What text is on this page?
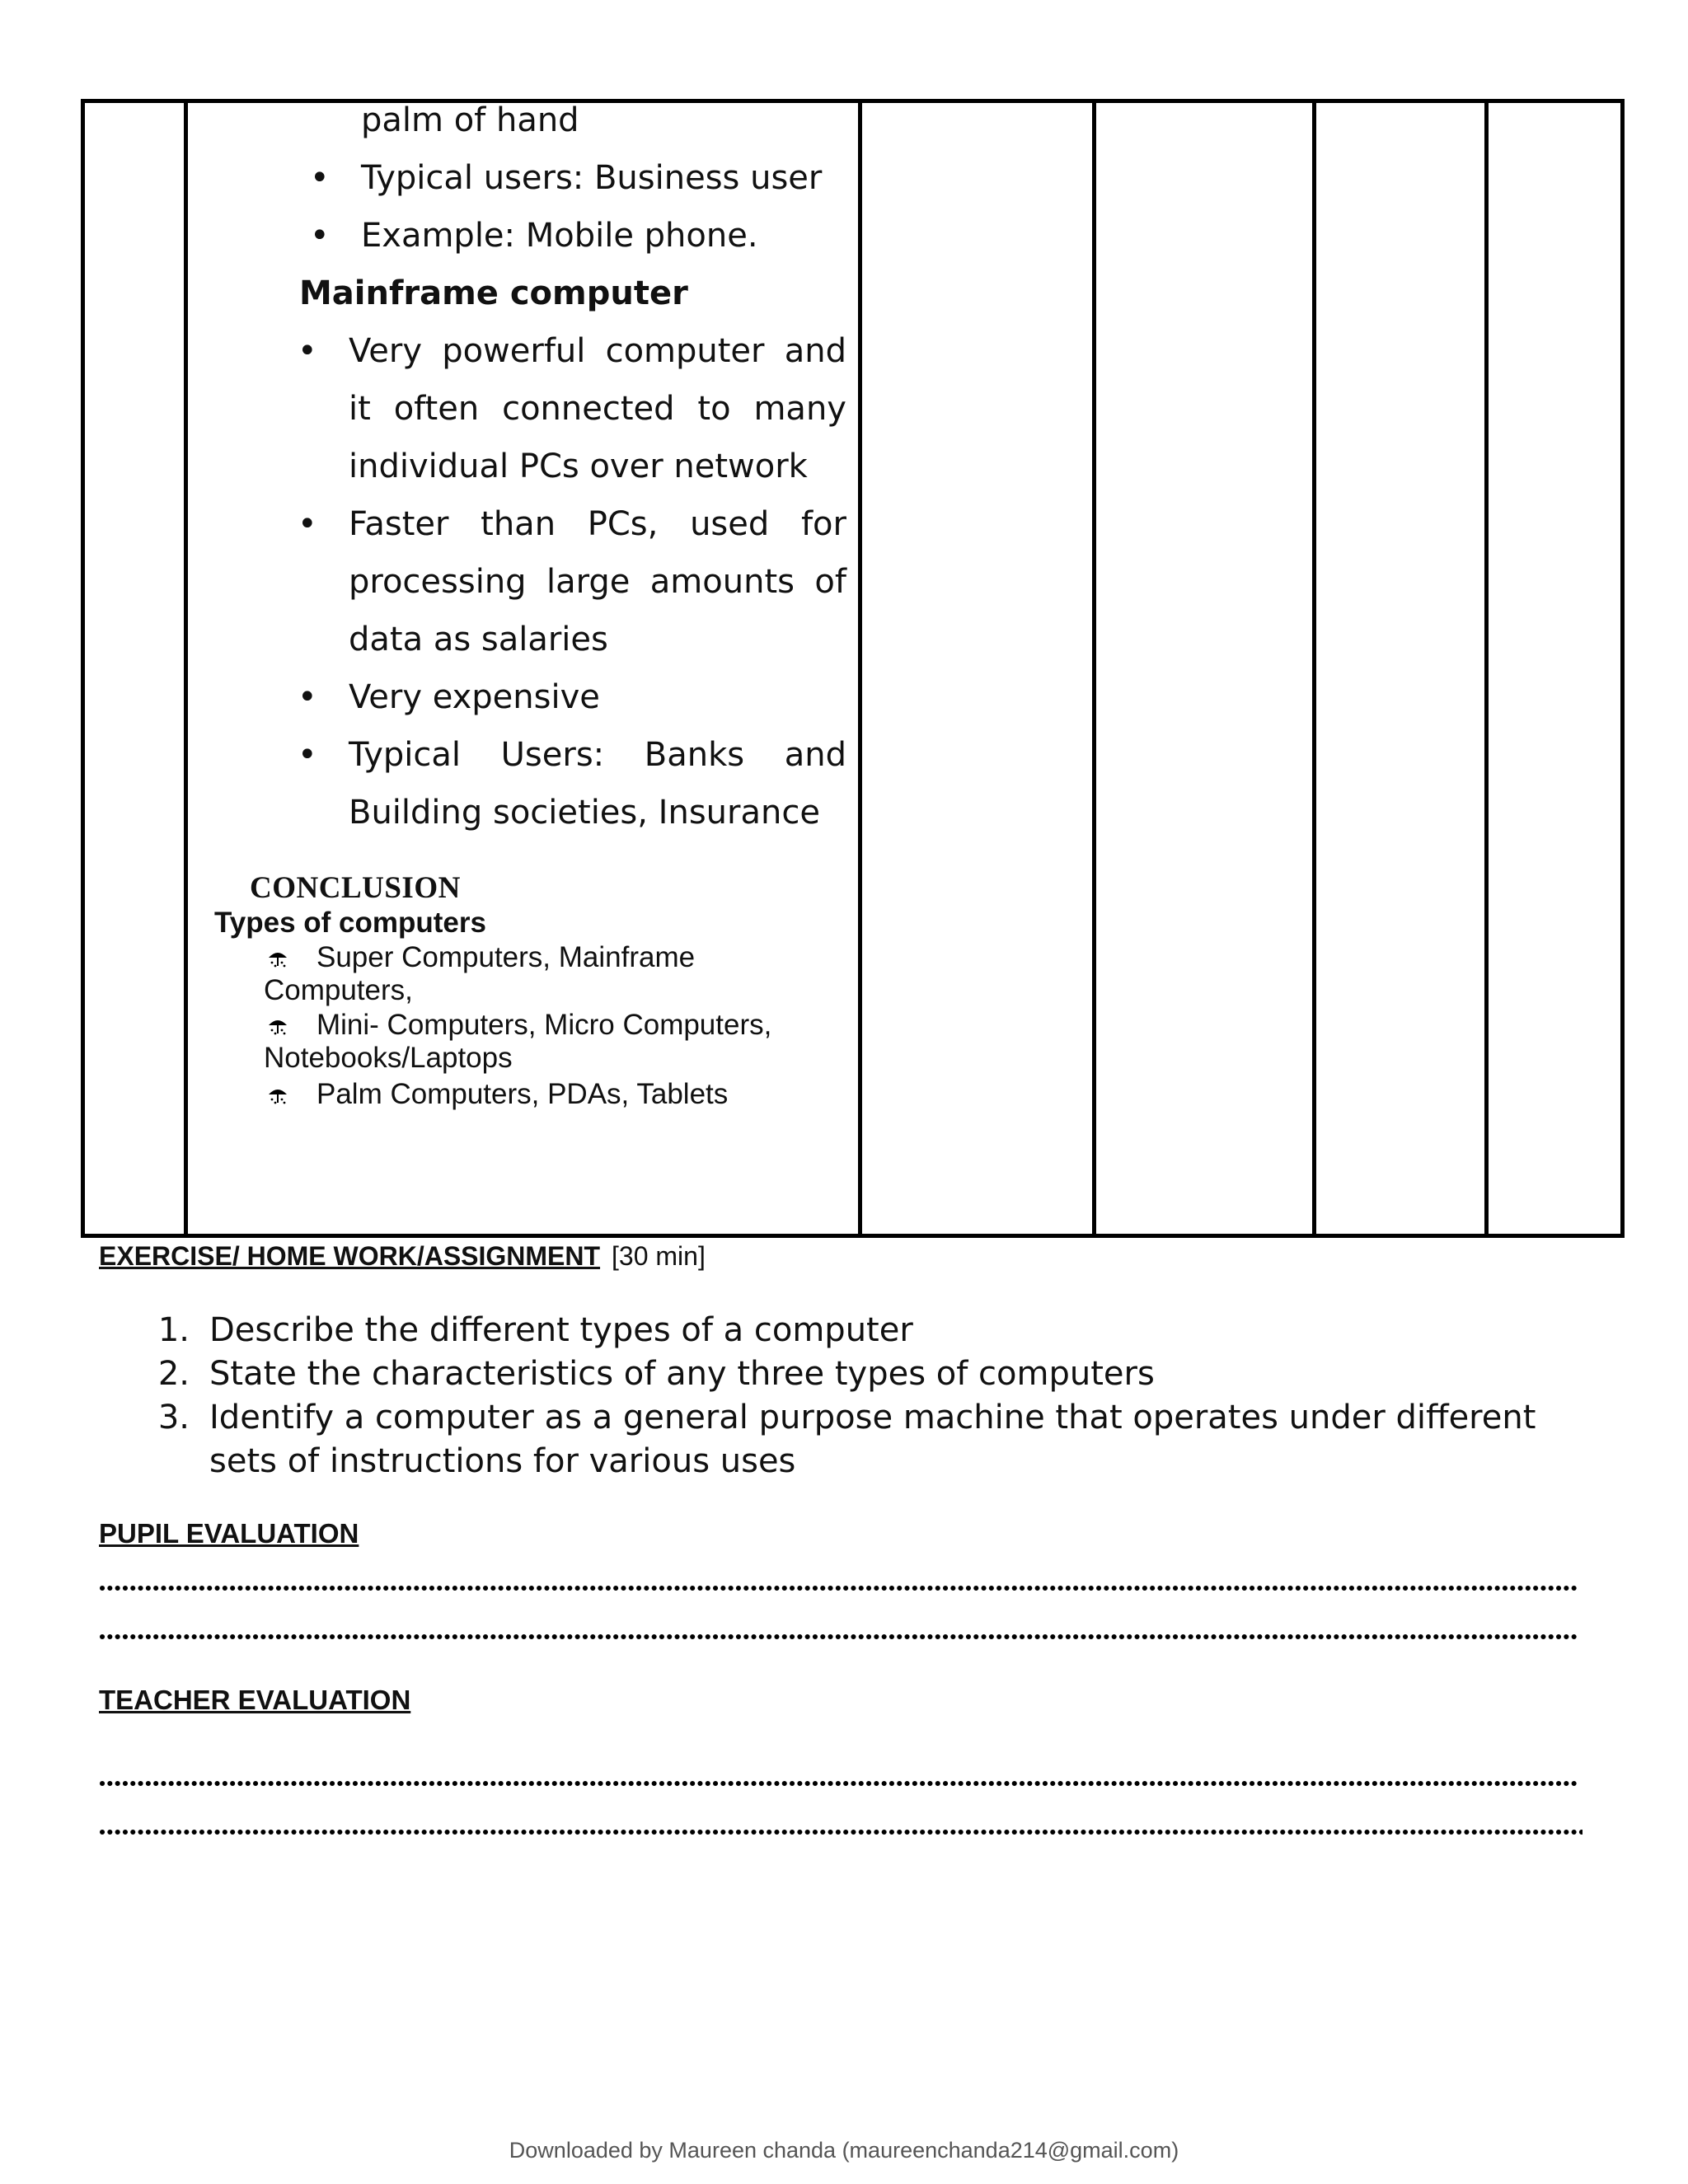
palm of hand
• Typical users: Business user
• Example: Mobile phone.
Mainframe computer
• Very powerful computer and
it often connected to many
individual PCs over network
• Faster than PCs, used for
processing large amounts of
data as salaries
• Very expensive
• Typical Users: Banks and
Building societies, Insurance
CONCLUSION
Types of computers
Super Computers, Mainframe
Computers,
Mini- Computers, Micro Computers,
Notebooks/Laptops
Palm Computers, PDAs, Tablets
EXERCISE/ HOME WORK/ASSIGNMENT [30 min]
1. Describe the different types of a computer
2. State the characteristics of any three types of computers
3. Identify a computer as a general purpose machine that operates under different
sets of instructions for various uses
PUPIL EVALUATION
TEACHER EVALUATION
Downloaded by Maureen chanda (maureenchanda214@gmail.com)
